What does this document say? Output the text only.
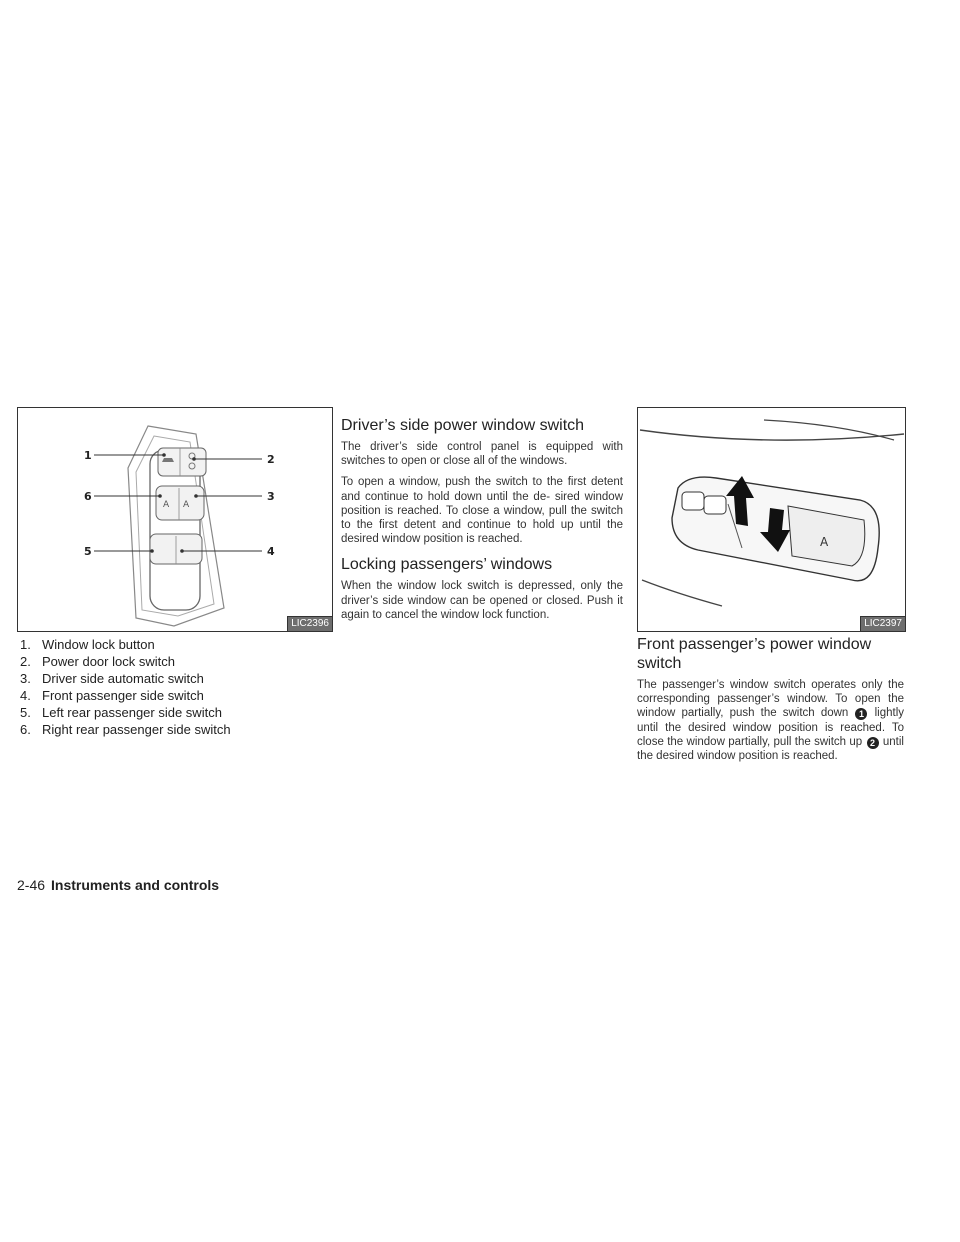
A A
1	2
3
4
5
6
LIC2396
1. Window lock button
2. Power door lock switch
3. Driver side automatic switch
4. Front passenger side switch
5. Left rear passenger side switch
6. Right rear passenger side switch
Driver’s side power window switch

The driver’s side control panel is equipped with switches to open or close all of the windows.

To open a window, push the switch to the first detent and continue to hold down until the de- sired window position is reached. To close a window, pull the switch to the first detent and continue to hold up until the desired window position is reached.

Locking passengers’ windows

When the window lock switch is depressed, only the driver’s side window can be opened or closed. Push it again to cancel the window lock function.

A
LIC2397
Front passenger’s power window switch

The passenger’s window switch operates only the corresponding passenger’s window. To open the window partially, push the switch down 1 lightly until the desired window position is reached. To close the window partially, pull the switch up 2 until the desired window position is reached.

2-46 Instruments and controls
